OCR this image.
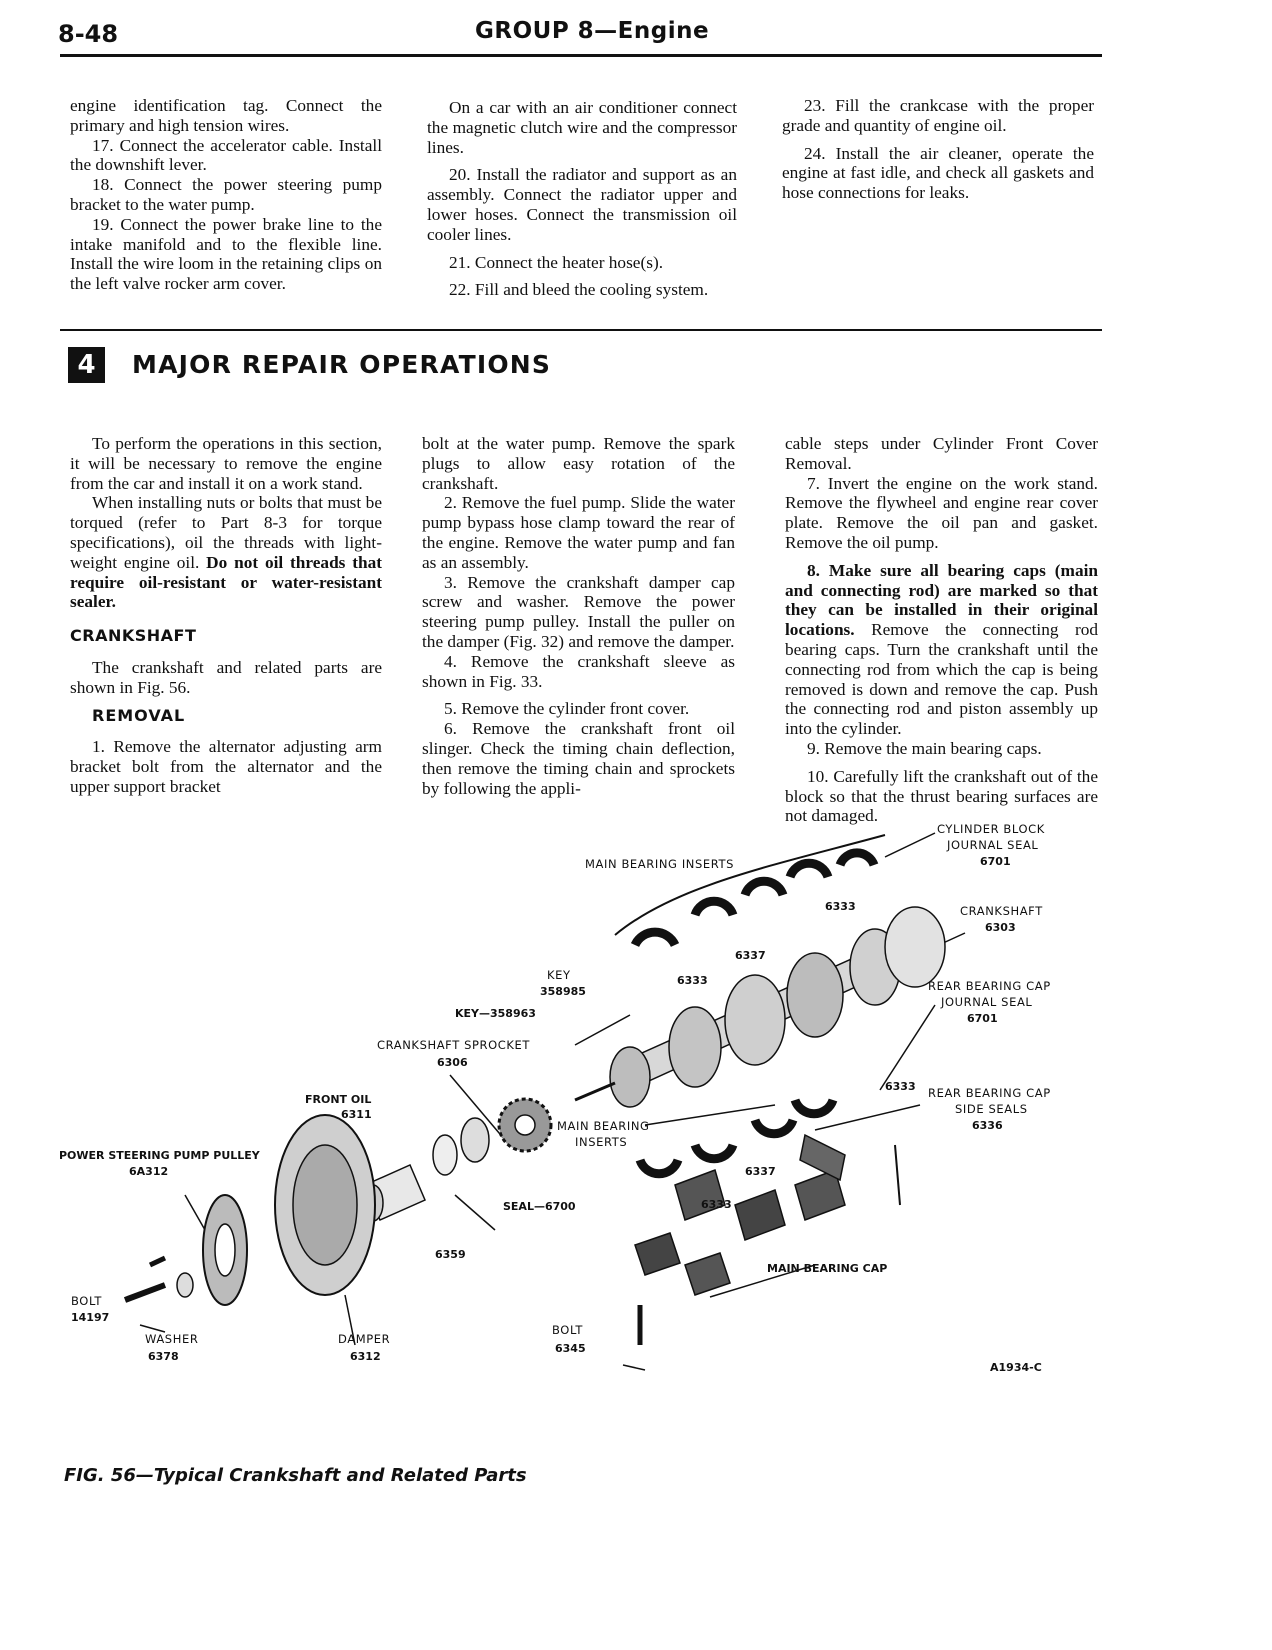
8-48	GROUP 8—Engine

engine identification tag. Connect the primary and high tension wires.

17. Connect the accelerator cable. Install the downshift lever.

18. Connect the power steering pump bracket to the water pump.

19. Connect the power brake line to the intake manifold and to the flexible line. Install the wire loom in the retaining clips on the left valve rocker arm cover.

On a car with an air conditioner connect the magnetic clutch wire and the compressor lines.

20. Install the radiator and support as an assembly. Connect the radiator upper and lower hoses. Connect the transmission oil cooler lines.

21. Connect the heater hose(s).

22. Fill and bleed the cooling system.

23. Fill the crankcase with the proper grade and quantity of engine oil.

24. Install the air cleaner, operate the engine at fast idle, and check all gaskets and hose connections for leaks.

4	MAJOR REPAIR OPERATIONS

To perform the operations in this section, it will be necessary to remove the engine from the car and install it on a work stand.

When installing nuts or bolts that must be torqued (refer to Part 8-3 for torque specifications), oil the threads with light-weight engine oil. Do not oil threads that require oil-resistant or water-resistant sealer.

CRANKSHAFT

The crankshaft and related parts are shown in Fig. 56.

REMOVAL

1. Remove the alternator adjusting arm bracket bolt from the alternator and the upper support bracket

bolt at the water pump. Remove the spark plugs to allow easy rotation of the crankshaft.

2. Remove the fuel pump. Slide the water pump bypass hose clamp toward the rear of the engine. Remove the water pump and fan as an assembly.

3. Remove the crankshaft damper cap screw and washer. Remove the power steering pump pulley. Install the puller on the damper (Fig. 32) and remove the damper.

4. Remove the crankshaft sleeve as shown in Fig. 33.

5. Remove the cylinder front cover.

6. Remove the crankshaft front oil slinger. Check the timing chain deflection, then remove the timing chain and sprockets by following the appli-

cable steps under Cylinder Front Cover Removal.

7. Invert the engine on the work stand. Remove the flywheel and engine rear cover plate. Remove the oil pan and gasket. Remove the oil pump.

8. Make sure all bearing caps (main and connecting rod) are marked so that they can be installed in their original locations. Remove the connecting rod bearing caps. Turn the crankshaft until the connecting rod from which the cap is being removed is down and remove the cap. Push the connecting rod and piston assembly up into the cylinder.

9. Remove the main bearing caps.

10. Carefully lift the crankshaft out of the block so that the thrust bearing surfaces are not damaged.

CYLINDER BLOCK
JOURNAL SEAL
6701
MAIN BEARING INSERTS
CRANKSHAFT
6303
6333
6337
6333
KEY
358985
KEY—358963
REAR BEARING CAP
JOURNAL SEAL
6701
CRANKSHAFT SPROCKET
6306
FRONT OIL
6311
6333 REAR BEARING CAP
SIDE SEALS
6336
MAIN BEARING
INSERTS
POWER STEERING PUMP PULLEY
6A312	6337
SEAL—6700	6333
6359
MAIN BEARING CAP
BOLT
14197
WASHER
6378
DAMPER
6312
BOLT
6345
A1934-C
FIG. 56—Typical Crankshaft and Related Parts
